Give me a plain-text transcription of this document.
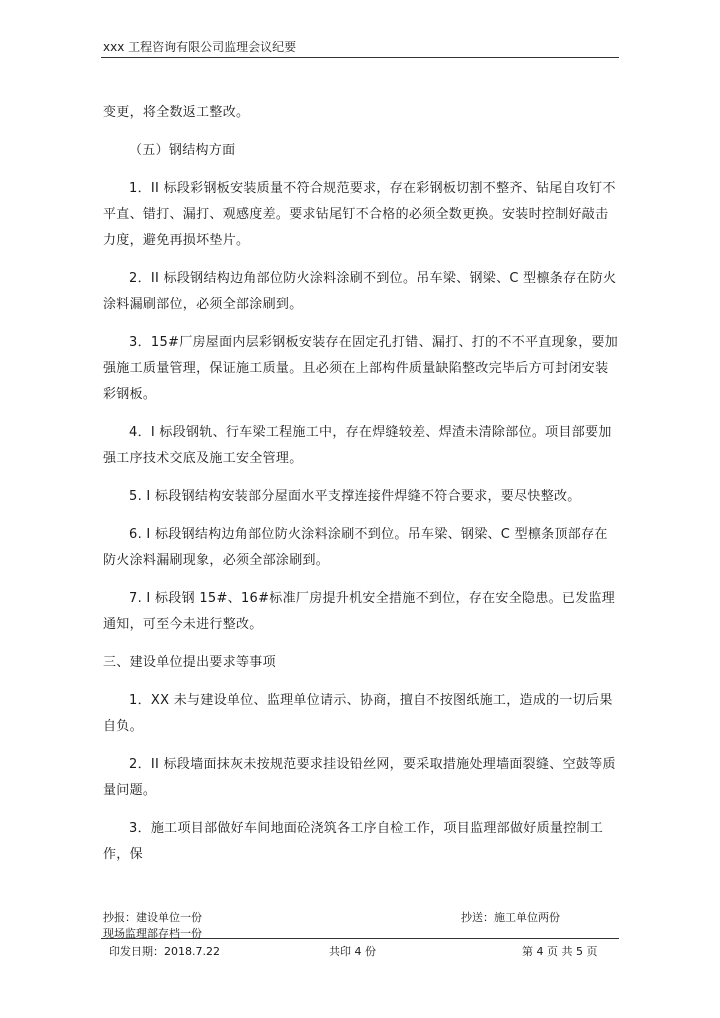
xxx 工程咨询有限公司监理会议纪要

变更，将全数返工整改。

（五）钢结构方面

1．II 标段彩钢板安装质量不符合规范要求，存在彩钢板切割不整齐、钻尾自攻钉不平直、错打、漏打、观感度差。要求钻尾钉不合格的必须全数更换。安装时控制好敲击力度，避免再损坏垫片。

2．II 标段钢结构边角部位防火涂料涂刷不到位。吊车梁、钢梁、C 型檩条存在防火涂料漏刷部位，必须全部涂刷到。

3．15#厂房屋面内层彩钢板安装存在固定孔打错、漏打、打的不不平直现象，要加强施工质量管理，保证施工质量。且必须在上部构件质量缺陷整改完毕后方可封闭安装彩钢板。

4．I 标段钢轨、行车梁工程施工中，存在焊缝较差、焊渣未清除部位。项目部要加强工序技术交底及施工安全管理。

5. I 标段钢结构安装部分屋面水平支撑连接件焊缝不符合要求，要尽快整改。

6. I 标段钢结构边角部位防火涂料涂刷不到位。吊车梁、钢梁、C 型檩条顶部存在防火涂料漏刷现象，必须全部涂刷到。

7. I 标段钢 15#、16#标准厂房提升机安全措施不到位，存在安全隐患。已发监理通知，可至今未进行整改。

三、建设单位提出要求等事项

1．XX 未与建设单位、监理单位请示、协商，擅自不按图纸施工，造成的一切后果自负。

2．II 标段墙面抹灰未按规范要求挂设铅丝网，要采取措施处理墙面裂缝、空鼓等质量问题。

3．施工项目部做好车间地面砼浇筑各工序自检工作，项目监理部做好质量控制工作，保

抄报：建设单位一份	抄送：施工单位两份
现场监理部存档一份
印发日期：2018.7.22	共印 4 份	第 4 页 共 5 页
